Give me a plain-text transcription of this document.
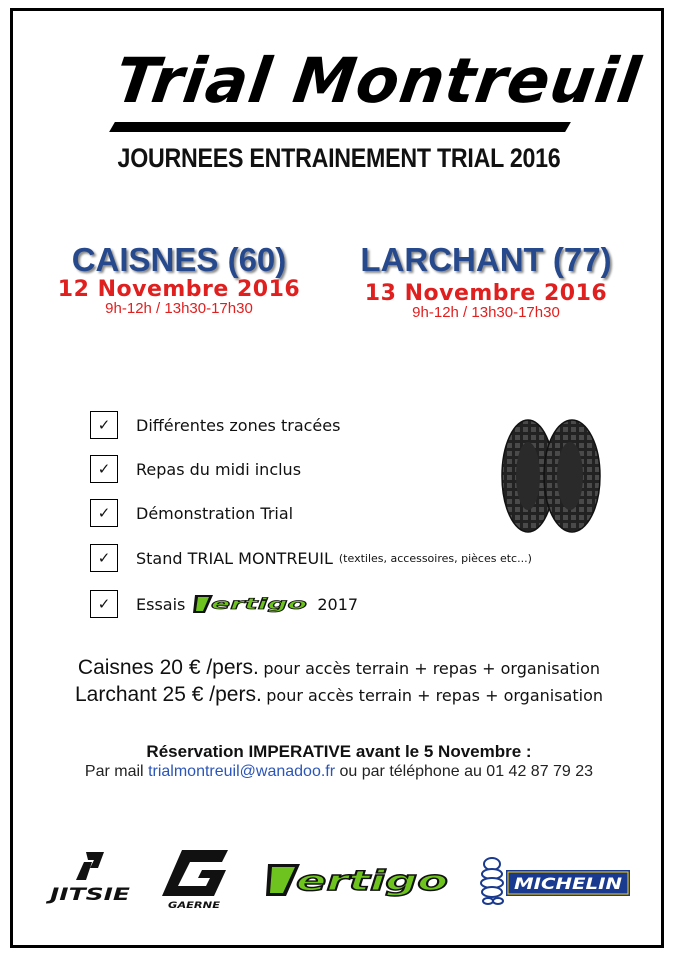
Trial Montreuil
JOURNEES ENTRAINEMENT TRIAL 2016
CAISNES (60)
12 Novembre 2016
9h-12h / 13h30-17h30
LARCHANT (77)
13 Novembre 2016
9h-12h / 13h30-17h30
✓	Différentes zones tracées
✓	Repas du midi inclus
✓	Démonstration Trial
✓	Stand TRIAL MONTREUIL (textiles, accessoires, pièces etc...)
✓	Essais ertigo 2017
Caisnes 20 € /pers. pour accès terrain + repas + organisation
Larchant 25 € /pers. pour accès terrain + repas + organisation
Réservation IMPERATIVE avant le 5 Novembre :
Par mail trialmontreuil@wanadoo.fr ou par téléphone au 01 42 87 79 23
JITSIE
GAERNE
ertigo	MICHELIN
